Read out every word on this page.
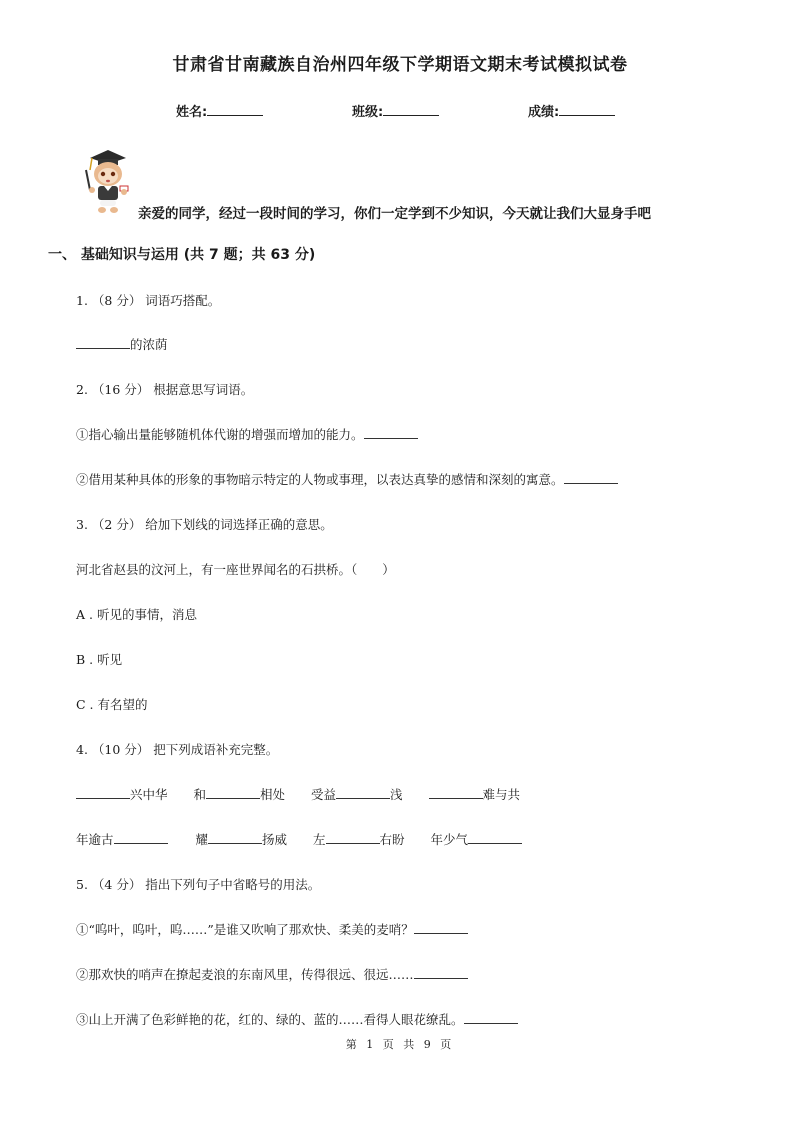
甘肃省甘南藏族自治州四年级下学期语文期末考试模拟试卷
姓名:	班级:	成绩:
亲爱的同学，经过一段时间的学习，你们一定学到不少知识，今天就让我们大显身手吧
一、 基础知识与运用 (共 7 题；共 63 分)
1. （8 分） 词语巧搭配。
的浓荫
2. （16 分） 根据意思写词语。
①指心输出量能够随机体代谢的增强而增加的能力。
②借用某种具体的形象的事物暗示特定的人物或事理，以表达真挚的感情和深刻的寓意。
3. （2 分） 给加下划线的词选择正确的意思。
河北省赵县的汶河上，有一座世界闻名的石拱桥。（　　）
A . 听见的事情，消息
B . 听见
C . 有名望的
4. （10 分） 把下列成语补充完整。
兴中华 和	相处 受益	浅	难与共
年逾古	耀	扬威 左	右盼 年少气
5. （4 分） 指出下列句子中省略号的用法。
①“呜叶，呜叶，呜……”是谁又吹响了那欢快、柔美的麦哨？
②那欢快的哨声在撩起麦浪的东南风里，传得很远、很远……
③山上开满了色彩鲜艳的花，红的、绿的、蓝的……看得人眼花缭乱。
第 1 页 共 9 页
